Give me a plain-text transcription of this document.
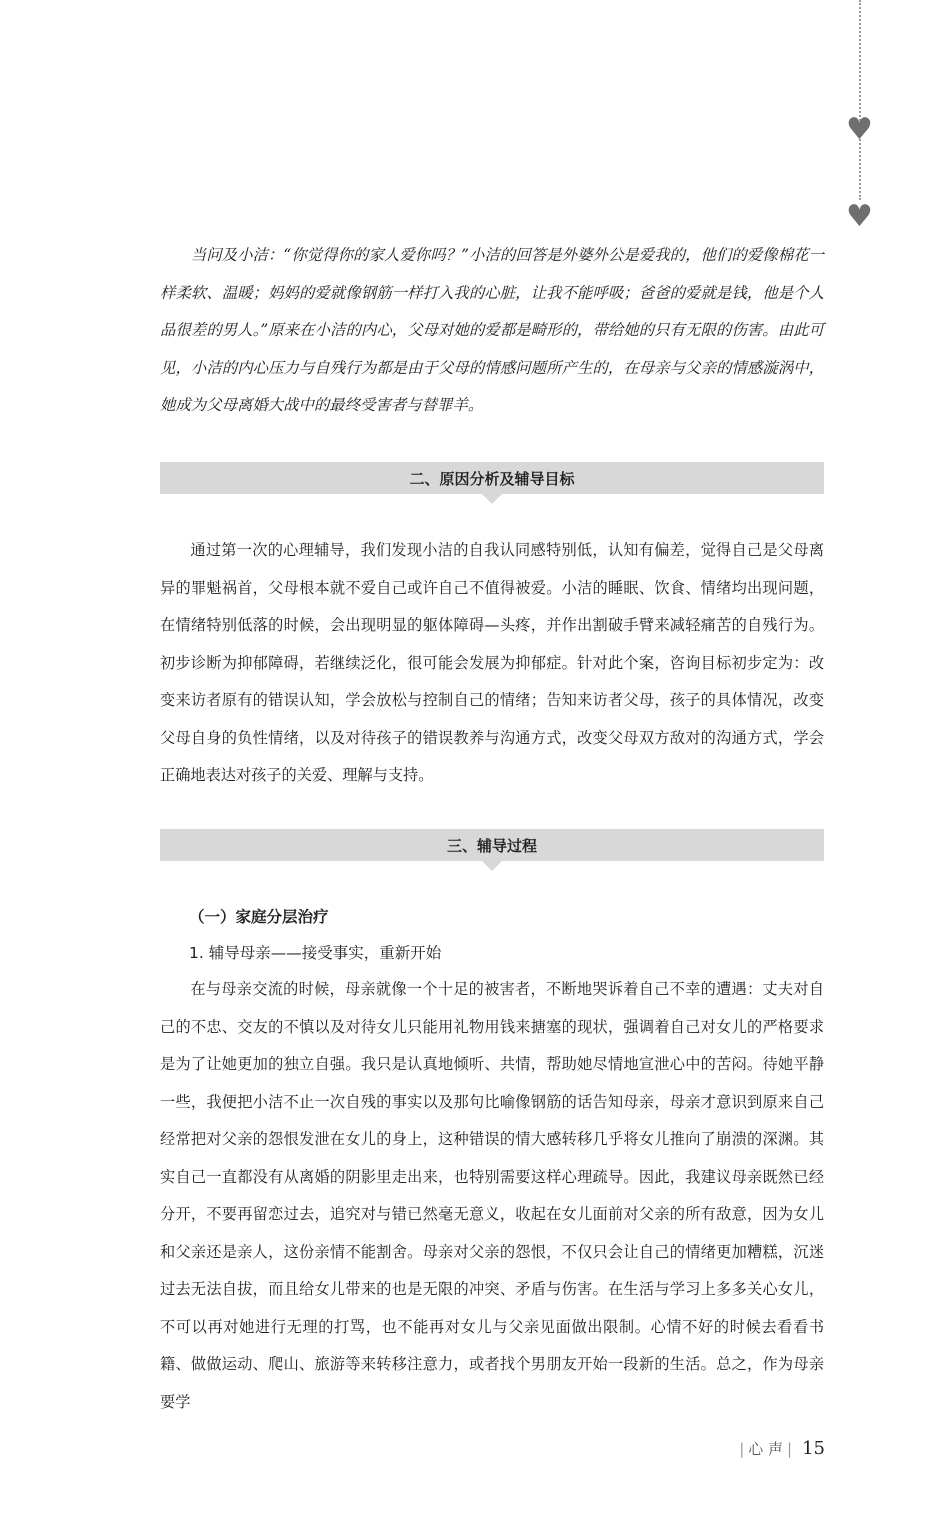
♥
♥

当问及小洁：“你觉得你的家人爱你吗？”小洁的回答是外婆外公是爱我的，他们的爱像棉花一样柔软、温暖；妈妈的爱就像钢筋一样打入我的心脏，让我不能呼吸；爸爸的爱就是钱，他是个人品很差的男人。”原来在小洁的内心，父母对她的爱都是畸形的，带给她的只有无限的伤害。由此可见，小洁的内心压力与自残行为都是由于父母的情感问题所产生的，在母亲与父亲的情感漩涡中，她成为父母离婚大战中的最终受害者与替罪羊。

二、原因分析及辅导目标

通过第一次的心理辅导，我们发现小洁的自我认同感特别低，认知有偏差，觉得自己是父母离异的罪魁祸首，父母根本就不爱自己或许自己不值得被爱。小洁的睡眠、饮食、情绪均出现问题，在情绪特别低落的时候，会出现明显的躯体障碍—头疼，并作出割破手臂来减轻痛苦的自残行为。初步诊断为抑郁障碍，若继续泛化，很可能会发展为抑郁症。针对此个案，咨询目标初步定为：改变来访者原有的错误认知，学会放松与控制自己的情绪；告知来访者父母，孩子的具体情况，改变父母自身的负性情绪，以及对待孩子的错误教养与沟通方式，改变父母双方敌对的沟通方式，学会正确地表达对孩子的关爱、理解与支持。

三、辅导过程
（一）家庭分层治疗
1. 辅导母亲——接受事实，重新开始

在与母亲交流的时候，母亲就像一个十足的被害者，不断地哭诉着自己不幸的遭遇：丈夫对自己的不忠、交友的不慎以及对待女儿只能用礼物用钱来搪塞的现状，强调着自己对女儿的严格要求是为了让她更加的独立自强。我只是认真地倾听、共情，帮助她尽情地宣泄心中的苦闷。待她平静一些，我便把小洁不止一次自残的事实以及那句比喻像钢筋的话告知母亲，母亲才意识到原来自己经常把对父亲的怨恨发泄在女儿的身上，这种错误的情大感转移几乎将女儿推向了崩溃的深渊。其实自己一直都没有从离婚的阴影里走出来，也特别需要这样心理疏导。因此，我建议母亲既然已经分开，不要再留恋过去，追究对与错已然毫无意义，收起在女儿面前对父亲的所有敌意，因为女儿和父亲还是亲人，这份亲情不能割舍。母亲对父亲的怨恨，不仅只会让自己的情绪更加糟糕，沉迷过去无法自拔，而且给女儿带来的也是无限的冲突、矛盾与伤害。在生活与学习上多多关心女儿，不可以再对她进行无理的打骂，也不能再对女儿与父亲见面做出限制。心情不好的时候去看看书籍、做做运动、爬山、旅游等来转移注意力，或者找个男朋友开始一段新的生活。总之，作为母亲要学

| 心 声 | 15
